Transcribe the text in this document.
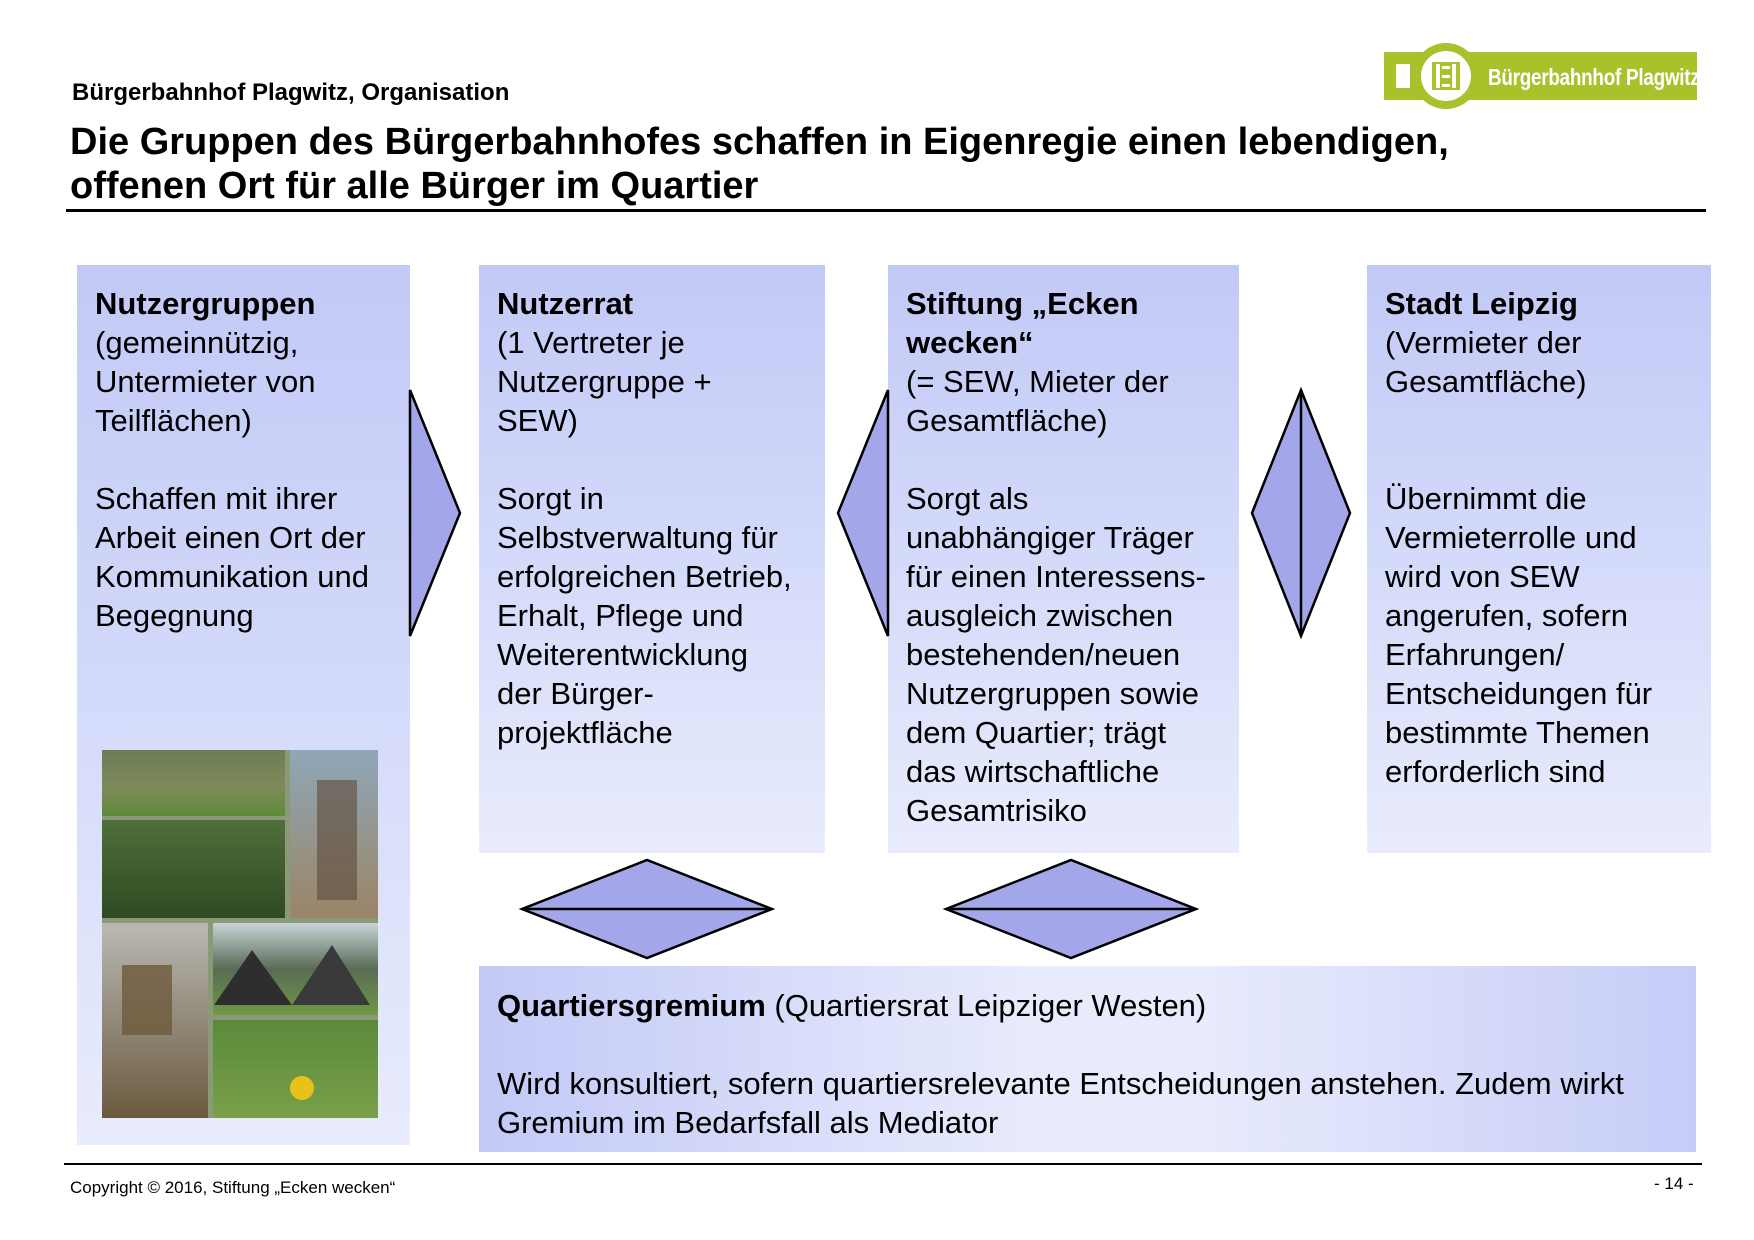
Bürgerbahnhof Plagwitz, Organisation
Die Gruppen des Bürgerbahnhofes schaffen in Eigenregie einen lebendigen,
offenen Ort für alle Bürger im Quartier
Bürgerbahnhof Plagwitz
Nutzergruppen
(gemeinnützig,
Untermieter von
Teilflächen)
Schaffen mit ihrer
Arbeit einen Ort der
Kommunikation und
Begegnung
Nutzerrat
(1 Vertreter je
Nutzergruppe +
SEW)
Sorgt in
Selbstverwaltung für
erfolgreichen Betrieb,
Erhalt, Pflege und
Weiterentwicklung
der Bürger-
projektfläche
Stiftung „Ecken
wecken“
(= SEW, Mieter der
Gesamtfläche)
Sorgt als
unabhängiger Träger
für einen Interessens-
ausgleich zwischen
bestehenden/neuen
Nutzergruppen sowie
dem Quartier; trägt
das wirtschaftliche
Gesamtrisiko
Stadt Leipzig
(Vermieter der
Gesamtfläche)
Übernimmt die
Vermieterrolle und
wird von SEW
angerufen, sofern
Erfahrungen/
Entscheidungen für
bestimmte Themen
erforderlich sind
Quartiersgremium (Quartiersrat Leipziger Westen)
Wird konsultiert, sofern quartiersrelevante Entscheidungen anstehen. Zudem wirkt
Gremium im Bedarfsfall als Mediator
Copyright © 2016, Stiftung „Ecken wecken“	- 14 -
